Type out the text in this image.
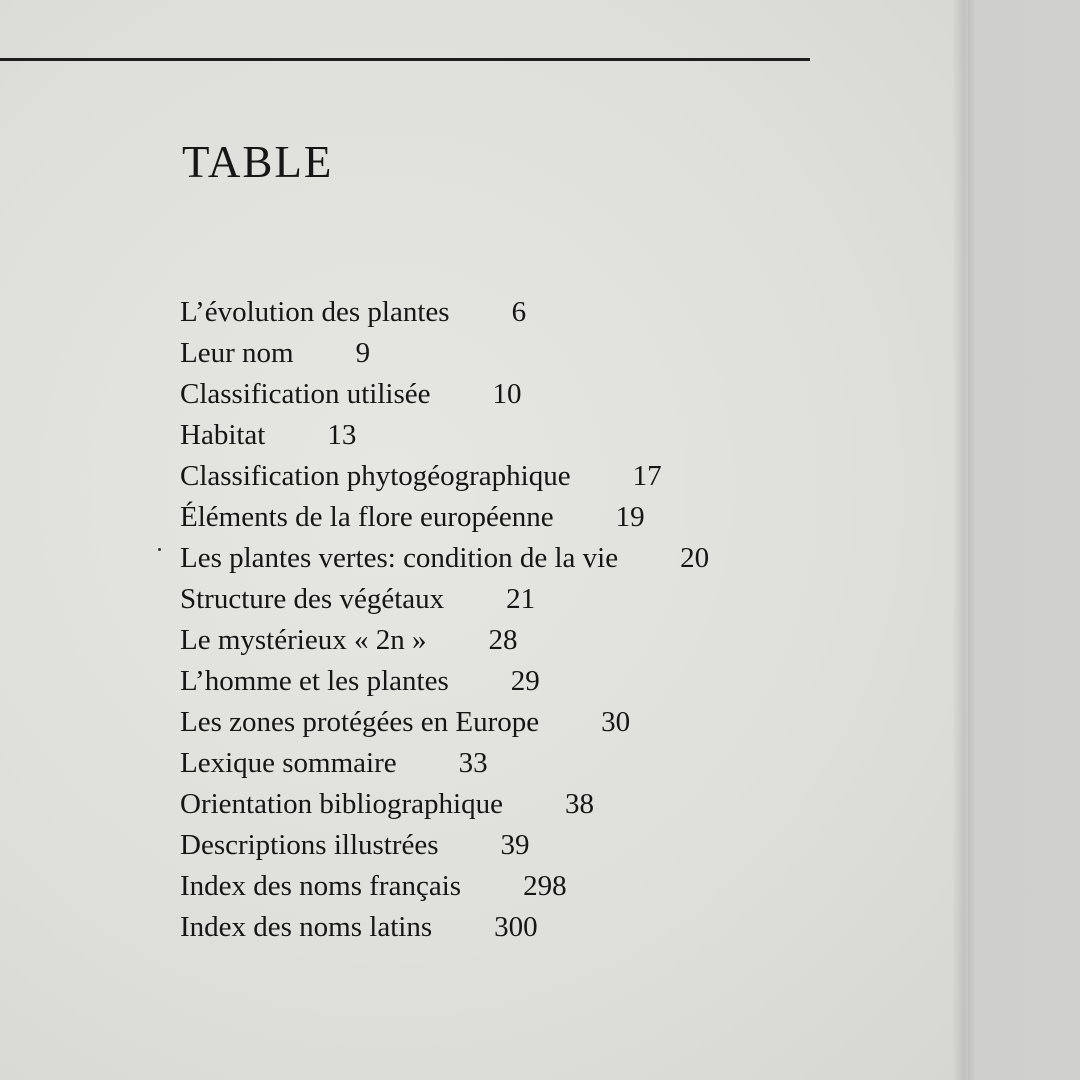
TABLE
L’évolution des plantes 6
Leur nom 9
Classification utilisée 10
Habitat 13
Classification phytogéographique 17
Éléments de la flore européenne 19
Les plantes vertes: condition de la vie 20
Structure des végétaux 21
Le mystérieux « 2n » 28
L’homme et les plantes 29
Les zones protégées en Europe 30
Lexique sommaire 33
Orientation bibliographique 38
Descriptions illustrées 39
Index des noms français 298
Index des noms latins 300
